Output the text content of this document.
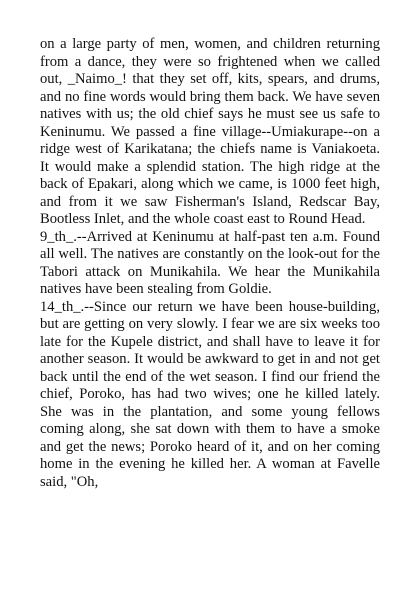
on a large party of men, women, and children returning from a dance, they were so frightened when we called out, _Naimo_! that they set off, kits, spears, and drums, and no fine words would bring them back. We have seven natives with us; the old chief says he must see us safe to Keninumu. We passed a fine village--Umiakurape--on a ridge west of Karikatana; the chiefs name is Vaniakoeta. It would make a splendid station. The high ridge at the back of Epakari, along which we came, is 1000 feet high, and from it we saw Fisherman's Island, Redscar Bay, Bootless Inlet, and the whole coast east to Round Head.

9_th_.--Arrived at Keninumu at half-past ten a.m. Found all well. The natives are constantly on the look-out for the Tabori attack on Munikahila. We hear the Munikahila natives have been stealing from Goldie.

14_th_.--Since our return we have been house-building, but are getting on very slowly. I fear we are six weeks too late for the Kupele district, and shall have to leave it for another season. It would be awkward to get in and not get back until the end of the wet season. I find our friend the chief, Poroko, has had two wives; one he killed lately. She was in the plantation, and some young fellows coming along, she sat down with them to have a smoke and get the news; Poroko heard of it, and on her coming home in the evening he killed her. A woman at Favelle said, "Oh,
